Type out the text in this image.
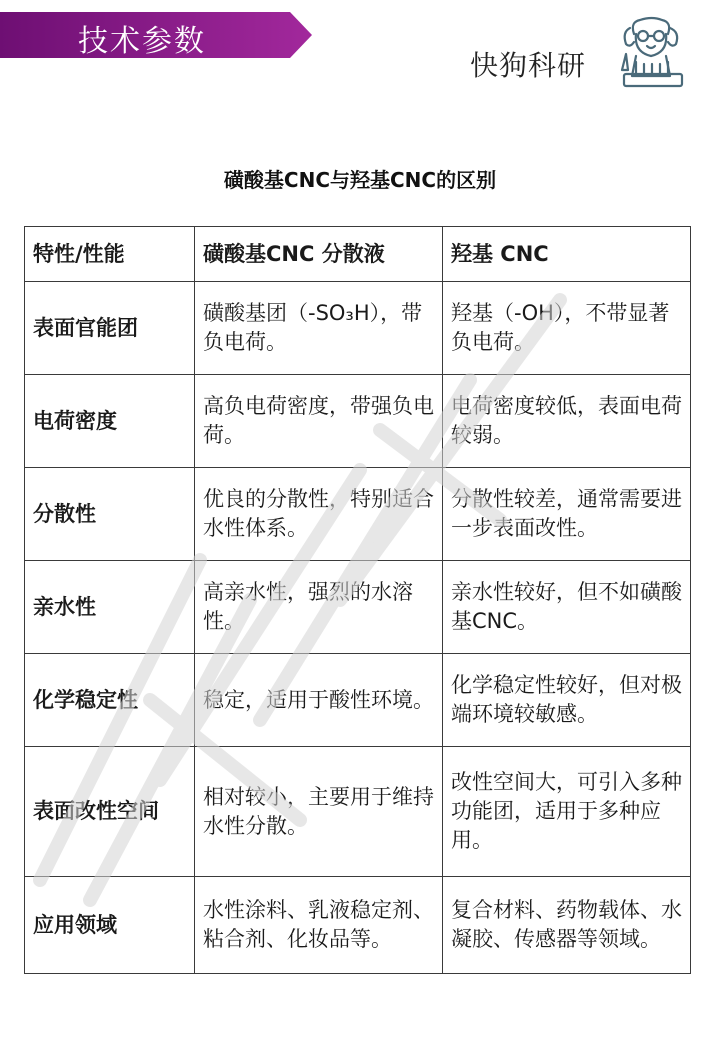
技术参数
快狗科研
磺酸基CNC与羟基CNC的区别
特性/性能	磺酸基CNC 分散液	羟基 CNC
表面官能团	磺酸基团（-SO₃H），带负电荷。	羟基（-OH），不带显著负电荷。
电荷密度	高负电荷密度，带强负电荷。	电荷密度较低，表面电荷较弱。
分散性	优良的分散性，特别适合水性体系。	分散性较差，通常需要进一步表面改性。
亲水性	高亲水性，强烈的水溶性。	亲水性较好，但不如磺酸基CNC。
化学稳定性	稳定，适用于酸性环境。	化学稳定性较好，但对极端环境较敏感。
表面改性空间	相对较小，主要用于维持水性分散。	改性空间大，可引入多种功能团，适用于多种应用。
应用领域	水性涂料、乳液稳定剂、粘合剂、化妆品等。	复合材料、药物载体、水凝胶、传感器等领域。
